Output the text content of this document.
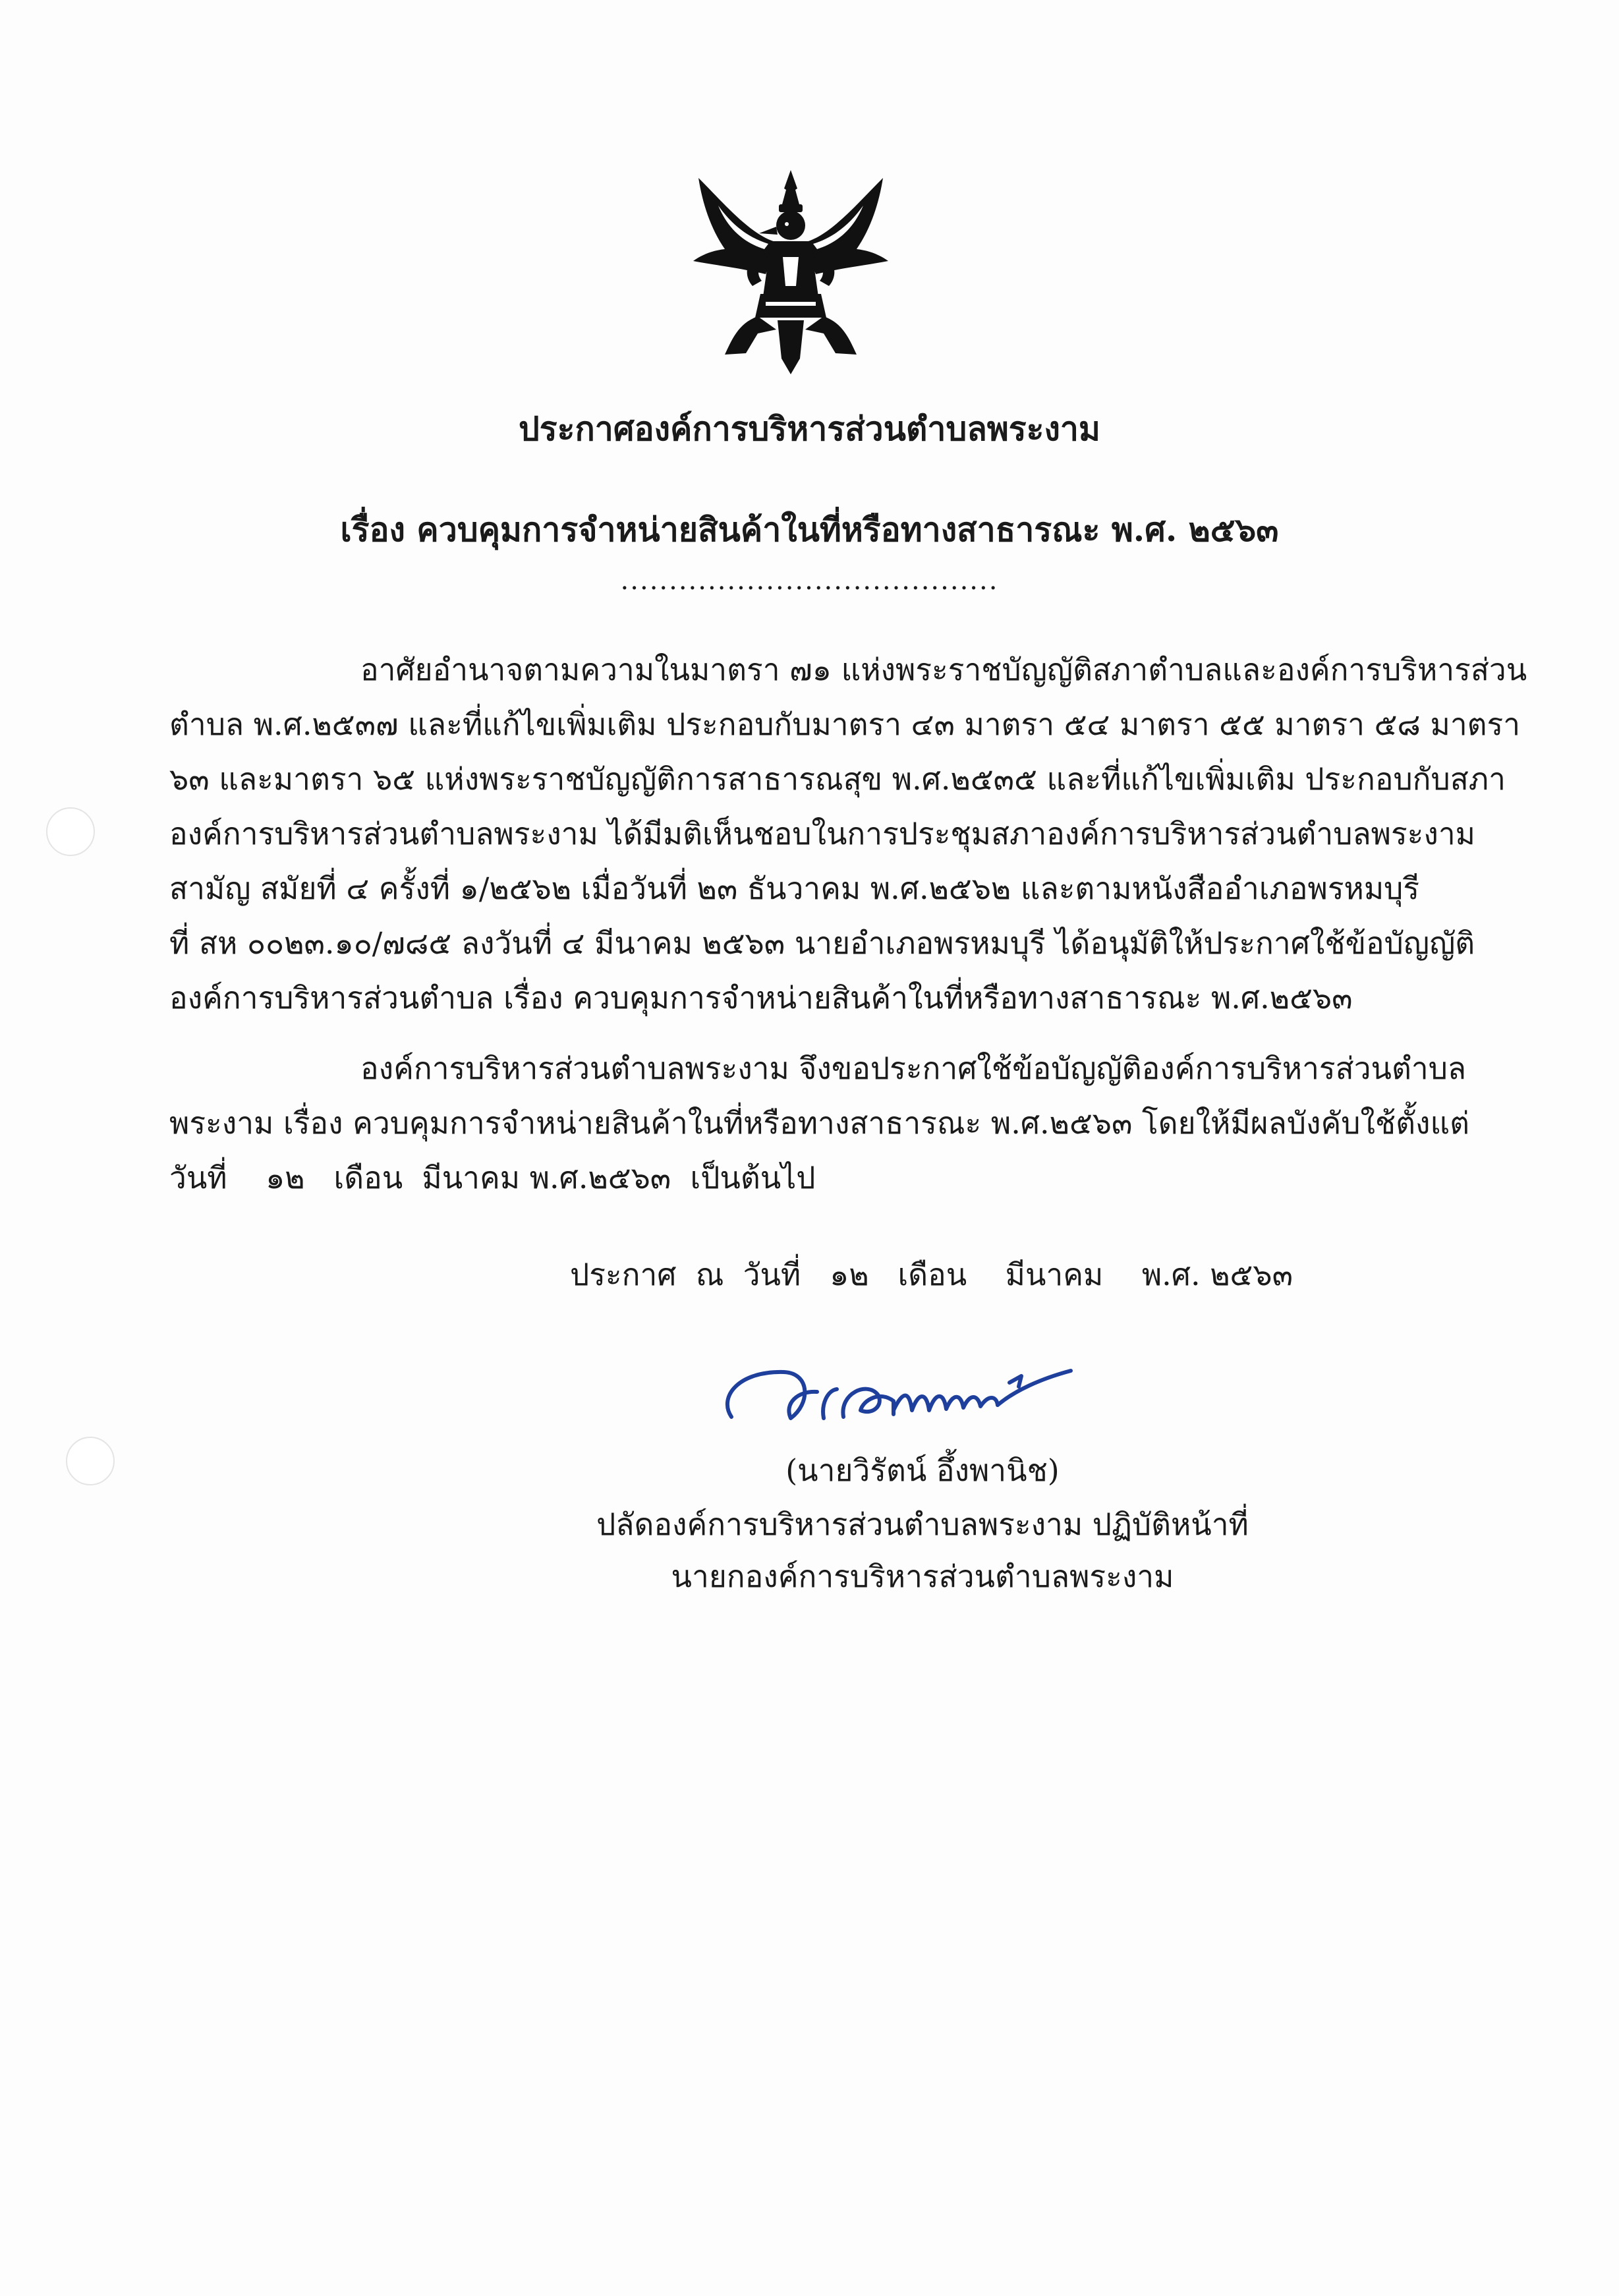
ประกาศองค์การบริหารส่วนตำบลพระงาม
เรื่อง ควบคุมการจำหน่ายสินค้าในที่หรือทางสาธารณะ พ.ศ. ๒๕๖๓
.......................................
อาศัยอำนาจตามความในมาตรา ๗๑ แห่งพระราชบัญญัติสภาตำบลและองค์การบริหารส่วน
ตำบล พ.ศ.๒๕๓๗ และที่แก้ไขเพิ่มเติม ประกอบกับมาตรา ๔๓ มาตรา ๕๔ มาตรา ๕๕ มาตรา ๕๘ มาตรา
๖๓ และมาตรา ๖๕ แห่งพระราชบัญญัติการสาธารณสุข พ.ศ.๒๕๓๕ และที่แก้ไขเพิ่มเติม ประกอบกับสภา
องค์การบริหารส่วนตำบลพระงาม ได้มีมติเห็นชอบในการประชุมสภาองค์การบริหารส่วนตำบลพระงาม
สามัญ สมัยที่ ๔ ครั้งที่ ๑/๒๕๖๒ เมื่อวันที่ ๒๓ ธันวาคม พ.ศ.๒๕๖๒ และตามหนังสืออำเภอพรหมบุรี
ที่ สห ๐๐๒๓.๑๐/๗๘๕ ลงวันที่ ๔ มีนาคม ๒๕๖๓ นายอำเภอพรหมบุรี ได้อนุมัติให้ประกาศใช้ข้อบัญญัติ
องค์การบริหารส่วนตำบล เรื่อง ควบคุมการจำหน่ายสินค้าในที่หรือทางสาธารณะ พ.ศ.๒๕๖๓
องค์การบริหารส่วนตำบลพระงาม จึงขอประกาศใช้ข้อบัญญัติองค์การบริหารส่วนตำบล
พระงาม เรื่อง ควบคุมการจำหน่ายสินค้าในที่หรือทางสาธารณะ พ.ศ.๒๕๖๓ โดยให้มีผลบังคับใช้ตั้งแต่
วันที่    ๑๒   เดือน  มีนาคม พ.ศ.๒๕๖๓  เป็นต้นไป
ประกาศ  ณ  วันที่   ๑๒   เดือน    มีนาคม    พ.ศ. ๒๕๖๓
(นายวิรัตน์ อึ้งพานิช)
ปลัดองค์การบริหารส่วนตำบลพระงาม ปฏิบัติหน้าที่
นายกองค์การบริหารส่วนตำบลพระงาม
